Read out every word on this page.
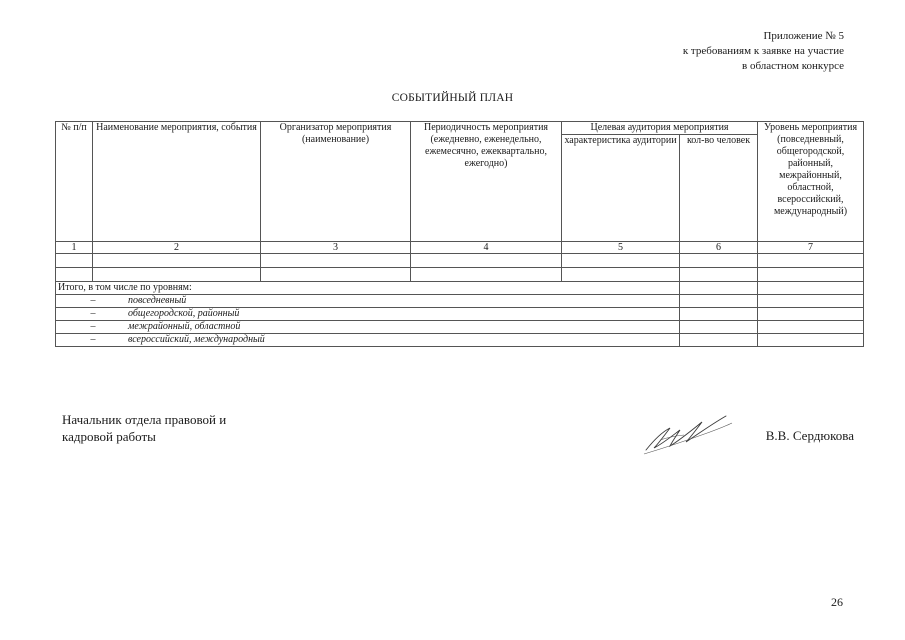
Приложение № 5
к требованиям к заявке на участие
в областном конкурсе
СОБЫТИЙНЫЙ ПЛАН
№ п/п	Наименование мероприятия, события	Организатор мероприятия (наименование)	Периодичность мероприятия (ежедневно, еженедельно, ежемесячно, ежеквартально, ежегодно)	Целевая аудитория мероприятия		Уровень мероприятия (повседневный, общегородской, районный, межрайонный, областной, всероссийский, международный)
				характеристика аудитории	кол-во человек	
1	2	3	4	5	6	7

Итого, в том числе по уровням:						

– повседневный						

– общегородской, районный						

– межрайонный, областной						

– всероссийский, международный						

Начальник отдела правовой и
кадровой работы	В.В. Сердюкова
26
